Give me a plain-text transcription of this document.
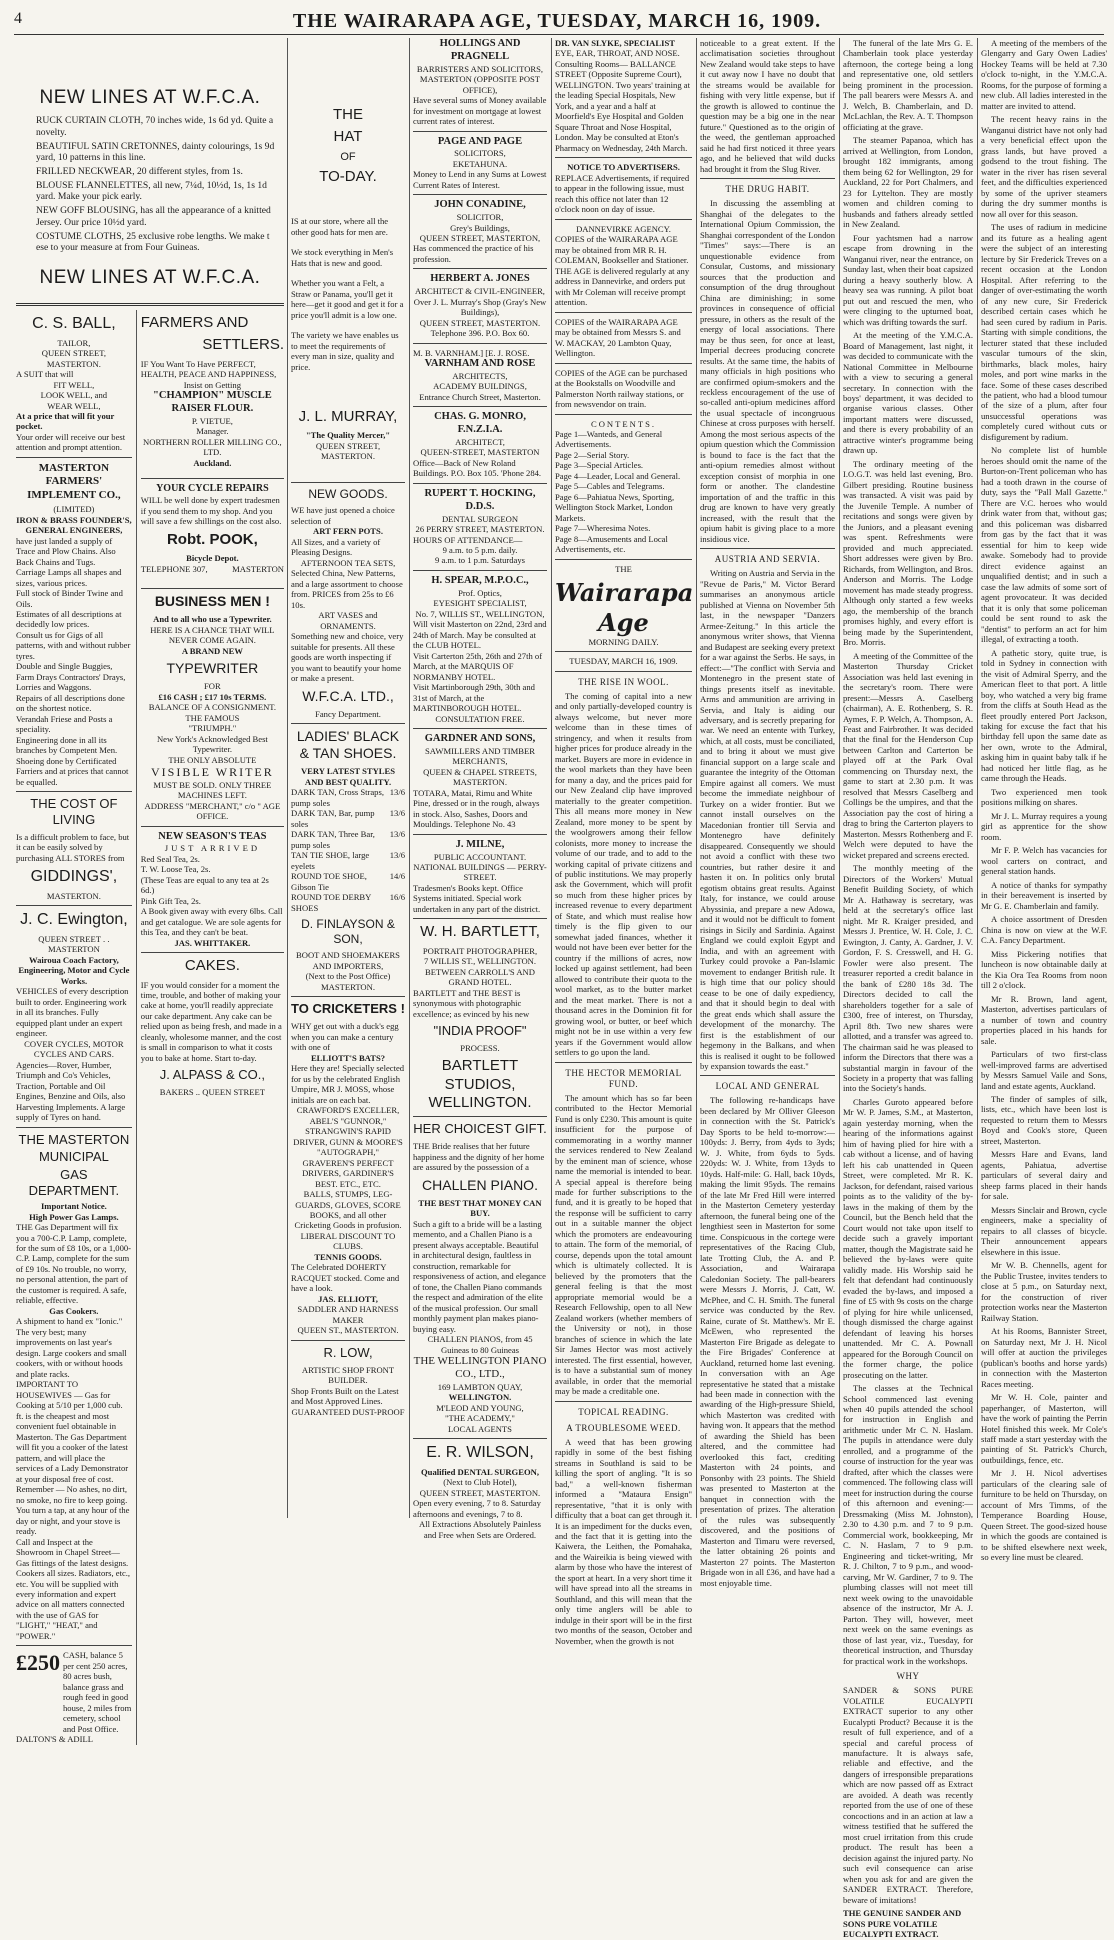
4	THE WAIRARAPA AGE, TUESDAY, MARCH 16, 1909.
NEW LINES AT W.F.C.A.
RUCK CURTAIN CLOTH, 70 inches wide, 1s 6d yd. Quite a novelty.
BEAUTIFUL SATIN CRETONNES, dainty colourings, 1s 9d yard, 10 patterns in this line.
FRILLED NECKWEAR, 20 different styles, from 1s.
BLOUSE FLANNELETTES, all new, 7¼d, 10½d, 1s, 1s 1d yard. Make your pick early.
NEW GOFF BLOUSING, has all the appearance of a knitted Jersey. Our price 10½d yard.
COSTUME CLOTHS, 25 exclusive robe lengths. We make t ese to your measure at from Four Guineas.
NEW LINES AT W.F.C.A.
C. S. BALL,
TAILOR,
QUEEN STREET, MASTERTON.
A SUIT that will
FIT WELL,
LOOK WELL, and
WEAR WELL,
At a price that will fit your pocket.
Your order will receive our best attention and prompt attention.
MASTERTON FARMERS' IMPLEMENT CO.,
(LIMITED)
IRON & BRASS FOUNDER'S, GENERAL ENGINEERS,
have just landed a supply of Trace and Plow Chains. Also Back Chains and Tugs.
Carriage Lamps all shapes and sizes, various prices.
Full stock of Binder Twine and Oils.
Estimates of all descriptions at decidedly low prices.
Consult us for Gigs of all patterns, with and without rubber tyres.
Double and Single Buggies, Farm Drays Contractors' Drays, Lorries and Waggons.
Repairs of all descriptions done on the shortest notice.
Verandah Friese and Posts a speciality.
Engineering done in all its branches by Competent Men.
Shoeing done by Certificated Farriers and at prices that cannot be equalled.
THE COST OF LIVING
Is a difficult problem to face, but it can be easily solved by purchasing ALL STORES from
GIDDINGS',
MASTERTON.
J. C. Ewington,
QUEEN STREET . . MASTERTON
Wairoua Coach Factory, Engineering, Motor and Cycle Works.
VEHICLES of every description built to order. Engineering work in all its branches. Fully equipped plant under an expert engineer.
COVER CYCLES, MOTOR CYCLES AND CARS.
Agencies—Rover, Humber, Triumph and Co's Vehicles, Traction, Portable and Oil Engines, Benzine and Oils, also Harvesting Implements. A large supply of Tyres on hand.
THE MASTERTON
MUNICIPAL
GAS DEPARTMENT.
Important Notice.
High Power Gas Lamps.
THE Gas Department will fix you a 700-C.P. Lamp, complete, for the sum of £8 10s, or a 1,000-C.P. Lamp, complete for the sum of £9 10s. No trouble, no worry, no personal attention, the part of the customer is required. A safe, reliable, effective.
Gas Cookers.
A shipment to hand ex "Ionic." The very best; many improvements on last year's design. Large cookers and small cookers, with or without hoods and plate racks.
IMPORTANT TO HOUSEWIVES — Gas for Cooking at 5/10 per 1,000 cub. ft. is the cheapest and most convenient fuel obtainable in Masterton. The Gas Department will fit you a cooker of the latest pattern, and will place the services of a Lady Demonstrator at your disposal free of cost.
Remember — No ashes, no dirt, no smoke, no fire to keep going. You turn a tap, at any hour of the day or night, and your stove is ready.
Call and Inspect at the Showroom in Chapel Street—Gas fittings of the latest designs. Cookers all sizes. Radiators, etc., etc. You will be supplied with every information and expert advice on all matters connected with the use of GAS for "LIGHT," "HEAT," and "POWER."
£250 CASH, balance 5 per cent 250 acres, 80 acres bush, balance grass and rough feed in good house, 2 miles from cemetery, school and Post Office.
DALTON'S & ADILL
FARMERS AND
SETTLERS.
IF You Want To Have PERFECT, HEALTH, PEACE AND HAPPINESS,
Insist on Getting
"CHAMPION" MUSCLE RAISER FLOUR.
P. VIETUE,
Manager.
NORTHERN ROLLER MILLING CO., LTD.
Auckland.
YOUR CYCLE REPAIRS
WILL be well done by expert tradesmen if you send them to my shop. And you will save a few shillings on the cost also.
Robt. POOK,
Bicycle Depot.
TELEPHONE 307,	MASTERTON
BUSINESS MEN !
And to all who use a Typewriter.
HERE IS A CHANCE THAT WILL NEVER COME AGAIN.
A BRAND NEW
TYPEWRITER
FOR
£16 CASH ; £17 10s TERMS.
BALANCE OF A CONSIGNMENT.
THE FAMOUS
"TRIUMPH."
New York's Acknowledged Best Typewriter.
THE ONLY ABSOLUTE
VISIBLE WRITER
MUST BE SOLD. ONLY THREE MACHINES LEFT.
ADDRESS "MERCHANT," c/o " AGE OFFICE.
NEW SEASON'S TEAS
JUST ARRIVED
Red Seal Tea, 2s.
T. W. Loose Tea, 2s.
(These Teas are equal to any tea at 2s 6d.)
Pink Gift Tea, 2s.
A Book given away with every 6lbs. Call and get catalogue. We are sole agents for this Tea, and they can't be beat.
JAS. WHITTAKER.
CAKES.
IF you would consider for a moment the time, trouble, and bother of making your cake at home, you'll readily appreciate our cake department. Any cake can be relied upon as being fresh, and made in a cleanly, wholesome manner, and the cost is small in comparison to what it costs you to bake at home. Start to-day.
J. ALPASS & CO.,
BAKERS .. QUEEN STREET
THE
HAT
OF
TO-DAY.
IS at our store, where all the other good hats for men are.
We stock everything in Men's Hats that is new and good.
Whether you want a Felt, a Straw or Panama, you'll get it here—get it good and get it for a price you'll admit is a low one.
The variety we have enables us to meet the requirements of every man in size, quality and price.
J. L. MURRAY,
"The Quality Mercer,"
QUEEN STREET, MASTERTON.
NEW GOODS.
WE have just opened a choice selection of
ART FERN POTS.
All Sizes, and a variety of Pleasing Designs.
AFTERNOON TEA SETS,
Selected China, New Patterns, and a large assortment to choose from. PRICES from 25s to £6 10s.
ART VASES and ORNAMENTS.
Something new and choice, very suitable for presents. All these goods are worth inspecting if you want to beautify your home or make a present.
W.F.C.A. LTD.,
Fancy Department.
LADIES' BLACK & TAN SHOES.
VERY LATEST STYLES AND BEST QUALITY.
DARK TAN, Cross Straps, pump soles
13/6
DARK TAN, Bar, pump soles
13/6
DARK TAN, Three Bar, pump soles
13/6
TAN TIE SHOE, large eyelets
13/6
ROUND TOE SHOE, Gibson Tie
14/6
ROUND TOE DERBY SHOES
16/6
D. FINLAYSON & SON,
BOOT AND SHOEMAKERS
AND IMPORTERS,
(Next to the Post Office) MASTERTON.
TO CRICKETERS !
WHY get out with a duck's egg when you can make a century with one of
ELLIOTT'S BATS?
Here they are! Specially selected for us by the celebrated English Umpire, MR J. MOSS, whose initials are on each bat.
CRAWFORD'S EXCELLER, ABEL'S "GUNNOR," STRANGWIN'S RAPID DRIVER, GUNN & MOORE'S "AUTOGRAPH," GRAVEREN'S PERFECT DRIVERS, GARDINER'S BEST. ETC., ETC.
BALLS, STUMPS, LEG-GUARDS, GLOVES, SCORE BOOKS, and all other Cricketing Goods in profusion.
LIBERAL DISCOUNT TO CLUBS.
TENNIS GOODS.
The Celebrated DOHERTY RACQUET stocked. Come and have a look.
JAS. ELLIOTT,
SADDLER AND HARNESS MAKER
QUEEN ST., MASTERTON.
R. LOW,
ARTISTIC SHOP FRONT BUILDER.
Shop Fronts Built on the Latest and Most Approved Lines.
GUARANTEED DUST-PROOF
HOLLINGS AND PRAGNELL
BARRISTERS AND SOLICITORS,
MASTERTON (OPPOSITE POST OFFICE),
Have several sums of Money available for investment on mortgage at lowest current rates of interest.
PAGE AND PAGE
SOLICITORS,
EKETAHUNA.
Money to Lend in any Sums at Lowest Current Rates of Interest.
JOHN CONADINE,
SOLICITOR,
Grey's Buildings,
QUEEN STREET, MASTERTON,
Has commenced the practice of his profession.
HERBERT A. JONES
ARCHITECT & CIVIL-ENGINEER,
Over J. L. Murray's Shop (Gray's New Buildings),
QUEEN STREET, MASTERTON.
Telephone 396. P.O. Box 60.
M. B. VARNHAM.] [E. J. ROSE.
VARNHAM AND ROSE
ARCHITECTS,
ACADEMY BUILDINGS,
Entrance Church Street, Masterton.
CHAS. G. MONRO, F.N.Z.I.A.
ARCHITECT,
QUEEN-STREET, MASTERTON
Office—Back of New Roland Buildings. P.O. Box 105. 'Phone 284.
RUPERT T. HOCKING, D.D.S.
DENTAL SURGEON
26 PERRY STREET, MASTERTON.
HOURS OF ATTENDANCE—
9 a.m. to 5 p.m. daily.
9 a.m. to 1 p.m. Saturdays
H. SPEAR, M.P.O.C.,
Prof. Optics,
EYESIGHT SPECIALIST,
No. 7, WILLIS ST., WELLINGTON,
Will visit Masterton on 22nd, 23rd and 24th of March. May be consulted at the CLUB HOTEL.
Visit Carterton 25th, 26th and 27th of March, at the MARQUIS OF NORMANBY HOTEL.
Visit Martinborough 29th, 30th and 31st of March, at the MARTINBOROUGH HOTEL.
CONSULTATION FREE.
GARDNER AND SONS,
SAWMILLERS AND TIMBER MERCHANTS,
QUEEN & CHAPEL STREETS, MASTERTON.
TOTARA, Matai, Rimu and White Pine, dressed or in the rough, always in stock. Also, Sashes, Doors and Mouldings. Telephone No. 43
J. MILNE,
PUBLIC ACCOUNTANT.
NATIONAL BUILDINGS — PERRY-STREET.
Tradesmen's Books kept. Office Systems initiated. Special work undertaken in any part of the district.
W. H. BARTLETT,
PORTRAIT PHOTOGRAPHER,
7 WILLIS ST., WELLINGTON.
BETWEEN CARROLL'S AND GRAND HOTEL.
BARTLETT and THE BEST is synonymous with photographic excellence; as evinced by his new
"INDIA PROOF"
PROCESS.
BARTLETT STUDIOS, WELLINGTON.
HER CHOICEST GIFT.
THE Bride realises that her future happiness and the dignity of her home are assured by the possession of a
CHALLEN PIANO.
THE BEST THAT MONEY CAN BUY.
Such a gift to a bride will be a lasting memento, and a Challen Piano is a present always acceptable. Beautiful in architectural design, faultless in construction, remarkable for responsiveness of action, and elegance of tone, the Challen Piano commands the respect and admiration of the elite of the musical profession. Our small monthly payment plan makes piano-buying easy.
CHALLEN PIANOS, from 45 Guineas to 80 Guineas
THE WELLINGTON PIANO CO., LTD.,
169 LAMBTON QUAY,
WELLINGTON.
M'LEOD AND YOUNG,
"THE ACADEMY,"
LOCAL AGENTS
E. R. WILSON,
Qualified DENTAL SURGEON,
(Next to Club Hotel),
QUEEN STREET, MASTERTON.
Open every evening, 7 to 8. Saturday afternoons and evenings, 7 to 8.
All Extractions Absolutely Painless and Free when Sets are Ordered.
DR. VAN SLYKE, SPECIALIST
EYE, EAR, THROAT, AND NOSE. Consulting Rooms— BALLANCE STREET (Opposite Supreme Court), WELLINGTON. Two years' training at the leading Special Hospitals, New York, and a year and a half at Moorfield's Eye Hospital and Golden Square Throat and Nose Hospital, London. May be consulted at Eton's Pharmacy on Wednesday, 24th March.
NOTICE TO ADVERTISERS.
REPLACE Advertisements, if required to appear in the following issue, must reach this office not later than 12 o'clock noon on day of issue.
DANNEVIRKE AGENCY.
COPIES of the WAIRARAPA AGE may be obtained from MR R. H. COLEMAN, Bookseller and Stationer. THE AGE is delivered regularly at any address in Dannevirke, and orders put with Mr Coleman will receive prompt attention.
COPIES of the WAIRARAPA AGE may be obtained from Messrs S. and W. MACKAY, 20 Lambton Quay, Wellington.
COPIES of the AGE can be purchased at the Bookstalls on Woodville and Palmerston North railway stations, or from newsvendor on train.
CONTENTS.
Page 1—Wanteds, and General Advertisements.
Page 2—Serial Story.
Page 3—Special Articles.
Page 4—Leader, Local and General.
Page 5—Cables and Telegrams.
Page 6—Pahiatua News, Sporting, Wellington Stock Market, London Markets.
Page 7—Wheresima Notes.
Page 8—Amusements and Local Advertisements, etc.
THE
Wairarapa Age
MORNING DAILY.
TUESDAY, MARCH 16, 1909.
THE RISE IN WOOL.

The coming of capital into a new and only partially-developed country is always welcome, but never more welcome than in these times of stringency, and when it results from higher prices for produce already in the market. Buyers are more in evidence in the wool markets than they have been for many a day, and the prices paid for our New Zealand clip have improved materially to the greater competition. This all means more money in New Zealand, more money to be spent by the woolgrowers among their fellow colonists, more money to increase the volume of our trade, and to add to the working capital of private citizens and of public institutions. We may properly ask the Government, which will profit so much from these higher prices by increased revenue to every department of State, and which must realise how timely is the flip given to our somewhat jaded finances, whether it would not have been ever better for the country if the millions of acres, now locked up against settlement, had been allowed to contribute their quota to the wool market, as to the butter market and the meat market. There is not a thousand acres in the Dominion fit for growing wool, or butter, or beef which might not be in use within a very few years if the Government would allow settlers to go upon the land.

THE HECTOR MEMORIAL FUND.

The amount which has so far been contributed to the Hector Memorial Fund is only £230. This amount is quite insufficient for the purpose of commemorating in a worthy manner the services rendered to New Zealand by the eminent man of science, whose name the memorial is intended to bear. A special appeal is therefore being made for further subscriptions to the fund, and it is greatly to be hoped that the response will be sufficient to carry out in a suitable manner the object which the promoters are endeavouring to attain. The form of the memorial, of course, depends upon the total amount which is ultimately collected. It is believed by the promoters that the general feeling is that the most appropriate memorial would be a Research Fellowship, open to all New Zealand workers (whether members of the University or not), in those branches of science in which the late Sir James Hector was most actively interested. The first essential, however, is to have a substantial sum of money available, in order that the memorial may be made a creditable one.

TOPICAL READING.
A TROUBLESOME WEED.

A weed that has been growing rapidly in some of the best fishing streams in Southland is said to be killing the sport of angling. "It is so bad," a well-known fisherman informed a "Mataura Ensign" representative, "that it is only with difficulty that a boat can get through it. It is an impediment for the ducks even, and the fact that it is getting into the Kaiwera, the Leithen, the Pomahaka, and the Waireikia is being viewed with alarm by those who have the interest of the sport at heart. In a very short time it will have spread into all the streams in Southland, and this will mean that the only time anglers will be able to indulge in their sport will be in the first two months of the season, October and November, when the growth is not

noticeable to a great extent. If the acclimatisation societies throughout New Zealand would take steps to have it cut away now I have no doubt that the streams would be available for fishing with very little expense, but if the growth is allowed to continue the question may be a big one in the near future." Questioned as to the origin of the weed, the gentleman approached said he had first noticed it three years ago, and he believed that wild ducks had brought it from the Slug River.

THE DRUG HABIT.

In discussing the assembling at Shanghai of the delegates to the International Opium Commission, the Shanghai correspondent of the London "Times" says:—There is an unquestionable evidence from Consular, Customs, and missionary sources that the production and consumption of the drug throughout China are diminishing; in some provinces in consequence of official pressure, in others as the result of the energy of local associations. There may be thus seen, for once at least, Imperial decrees producing concrete results. At the same time, the habits of many officials in high positions who are confirmed opium-smokers and the reckless encouragement of the use of so-called anti-opium medicines afford the usual spectacle of incongruous Chinese at cross purposes with herself. Among the most serious aspects of the opium question which the Commission is bound to face is the fact that the anti-opium remedies almost without exception consist of morphia in one form or another. The clandestine importation of and the traffic in this drug are known to have very greatly increased, with the result that the opium habit is giving place to a more insidious vice.

AUSTRIA AND SERVIA.

Writing on Austria and Servia in the "Revue de Paris," M. Victor Berard summarises an anonymous article published at Vienna on November 5th last, in the newspaper "Danzers Armee-Zeitung." In this article the anonymous writer shows, that Vienna and Budapest are seeking every pretext for a war against the Serbs. He says, in effect:—"The conflict with Servia and Montenegro in the present state of things presents itself as inevitable. Arms and ammunition are arriving in Servia, and Italy is aiding our adversary, and is secretly preparing for war. We need an entente with Turkey, which, at all costs, must be conciliated, and to bring it about we must give financial support on a large scale and guarantee the integrity of the Ottoman Empire against all comers. We must become the immediate neighbour of Turkey on a wider frontier. But we cannot install ourselves on the Macedonian frontier till Servia and Montenegro have definitely disappeared. Consequently we should not avoid a conflict with these two countries, but rather desire it and hasten it on. In politics only brutal egotism obtains great results. Against Italy, for instance, we could arouse Abyssinia, and prepare a new Adowa, and it would not be difficult to foment risings in Sicily and Sardinia. Against England we could exploit Egypt and India, and with an agreement with Turkey could provoke a Pan-Islamic movement to endanger British rule. It is high time that our policy should cease to be one of daily expediency, and that it should begin to deal with the great ends which shall assure the development of the monarchy. The first is the establishment of our hegemony in the Balkans, and when this is realised it ought to be followed by expansion towards the east."

LOCAL AND GENERAL

The following re-handicaps have been declared by Mr Olliver Gleeson in connection with the St. Patrick's Day Sports to be held to-morrow:—100yds: J. Berry, from 4yds to 3yds; W. J. White, from 6yds to 5yds. 220yds: W. J. White, from 13yds to 10yds. Half-mile: G. Hall, back 10yds, making the limit 95yds. The remains of the late Mr Fred Hill were interred in the Masterton Cemetery yesterday afternoon, the funeral being one of the lengthiest seen in Masterton for some time. Conspicuous in the cortege were representatives of the Racing Club, late Trotting Club, the A. and P. Association, and Wairarapa Caledonian Society. The pall-bearers were Messrs J. Morris, J. Catt, W. McPhee, and C. H. Smith. The funeral service was conducted by the Rev. Raine, curate of St. Matthew's. Mr E. McEwen, who represented the Masterton Fire Brigade as delegate to the Fire Brigades' Conference at Auckland, returned home last evening. In conversation with an Age representative he stated that a mistake had been made in connection with the awarding of the High-pressure Shield, which Masterton was credited with having won. It appears that the method of awarding the Shield has been altered, and the committee had overlooked this fact, crediting Masterton with 24 points, and Ponsonby with 23 points. The Shield was presented to Masterton at the banquet in connection with the presentation of prizes. The alteration of the rules was subsequently discovered, and the positions of Masterton and Timaru were reversed, the latter obtaining 26 points and Masterton 27 points. The Masterton Brigade won in all £36, and have had a most enjoyable time.

The funeral of the late Mrs G. E. Chamberlain took place yesterday afternoon, the cortege being a long and representative one, old settlers being prominent in the procession. The pall bearers were Messrs A. and J. Welch, B. Chamberlain, and D. McLachlan, the Rev. A. T. Thompson officiating at the grave.

The steamer Papanoa, which has arrived at Wellington, from London, brought 182 immigrants, among them being 62 for Wellington, 29 for Auckland, 22 for Port Chalmers, and 23 for Lyttelton. They are mostly women and children coming to husbands and fathers already settled in New Zealand.

Four yachtsmen had a narrow escape from drowning in the Wanganui river, near the entrance, on Sunday last, when their boat capsized during a heavy southerly blow. A heavy sea was running. A pilot boat put out and rescued the men, who were clinging to the upturned boat, which was drifting towards the surf.

At the meeting of the Y.M.C.A. Board of Management, last night, it was decided to communicate with the National Committee in Melbourne with a view to securing a general secretary. In connection with the boys' department, it was decided to organise various classes. Other important matters were discussed, and there is every probability of an attractive winter's programme being drawn up.

The ordinary meeting of the I.O.G.T. was held last evening, Bro. Gilbert presiding. Routine business was transacted. A visit was paid by the Juvenile Temple. A number of recitations and songs were given by the Juniors, and a pleasant evening was spent. Refreshments were provided and much appreciated. Short addresses were given by Bro. Richards, from Wellington, and Bros. Anderson and Morris. The Lodge movement has made steady progress. Although only started a few weeks ago, the membership of the branch promises highly, and every effort is being made by the Superintendent, Bro. Morris.

A meeting of the Committee of the Masterton Thursday Cricket Association was held last evening in the secretary's room. There were present:—Messrs A. Caselberg (chairman), A. E. Rothenberg, S. R. Aymes, F. P. Welch, A. Thompson, A. Feast and Fairbrother. It was decided that the final for the Henderson Cup between Carlton and Carterton be played off at the Park Oval commencing on Thursday next, the game to start at 2.30 p.m. It was resolved that Messrs Caselberg and Collings be the umpires, and that the Association pay the cost of hiring a drag to bring the Carterton players to Masterton. Messrs Rothenberg and F. Welch were deputed to have the wicket prepared and screens erected.

The monthly meeting of the Directors of the Workers' Mutual Benefit Building Society, of which Mr A. Hathaway is secretary, was held at the secretary's office last night. Mr R. Kraiger presided, and Messrs J. Prentice, W. H. Cole, J. C. Ewington, J. Canty, A. Gardner, J. V. Gordon, F. S. Cresswell, and H. G. Fowler were also present. The treasurer reported a credit balance in the bank of £280 18s 3d. The Directors decided to call the shareholders together for a sale of £300, free of interest, on Thursday, April 8th. Two new shares were allotted, and a transfer was agreed to. The chairman said he was pleased to inform the Directors that there was a substantial margin in favour of the Society in a property that was falling into the Society's hands.

Charles Guroto appeared before Mr W. P. James, S.M., at Masterton, again yesterday morning, when the hearing of the informations against him of having plied for hire with a cab without a license, and of having left his cab unattended in Queen Street, were completed. Mr R. K. Jackson, for defendant, raised various points as to the validity of the by-laws in the making of them by the Council, but the Bench held that the Court would not take upon itself to decide such a gravely important matter, though the Magistrate said he believed the by-laws were quite validly made. His Worship said he felt that defendant had continuously evaded the by-laws, and imposed a fine of £5 with 9s costs on the charge of plying for hire while unlicensed, though dismissed the charge against defendant of leaving his horses unattended. Mr C. A. Pownall appeared for the Borough Council on the former charge, the police prosecuting on the latter.

The classes at the Technical School commenced last evening when 40 pupils attended the school for instruction in English and arithmetic under Mr C. N. Haslam. The pupils in attendance were duly enrolled, and a programme of the course of instruction for the year was drafted, after which the classes were commenced. The following class will meet for instruction during the course of this afternoon and evening:—Dressmaking (Miss M. Johnston), 2.30 to 4.30 p.m. and 7 to 9 p.m. Commercial work, bookkeeping, Mr C. N. Haslam, 7 to 9 p.m. Engineering and ticket-writing, Mr R. J. Chilton, 7 to 9 p.m., and wood-carving, Mr W. Gardiner, 7 to 9. The plumbing classes will not meet till next week owing to the unavoidable absence of the instructor, Mr A. J. Parton. They will, however, meet next week on the same evenings as those of last year, viz., Tuesday, for theoretical instruction, and Thursday for practical work in the workshops.

WHY

SANDER & SONS PURE VOLATILE EUCALYPTI EXTRACT superior to any other Eucalypti Product? Because it is the result of full experience, and of a special and careful process of manufacture. It is always safe, reliable and effective, and the dangers of irresponsible preparations which are now passed off as Extract are avoided. A death was recently reported from the use of one of these concoctions and in an action at law a witness testified that he suffered the most cruel irritation from this crude product. The result has been a decision against the injured party. No such evil consequence can arise when you ask for and are given the SANDER EXTRACT. Therefore, beware of imitations!

THE GENUINE SANDER AND SONS PURE VOLATILE EUCALYPTI EXTRACT.

A meeting of the members of the Glengarry and Gary Owen Ladies' Hockey Teams will be held at 7.30 o'clock to-night, in the Y.M.C.A. Rooms, for the purpose of forming a new club. All ladies interested in the matter are invited to attend.

The recent heavy rains in the Wanganui district have not only had a very beneficial effect upon the grass lands, but have proved a godsend to the trout fishing. The water in the river has risen several feet, and the difficulties experienced by some of the upriver steamers during the dry summer months is now all over for this season.

The uses of radium in medicine and its future as a healing agent were the subject of an interesting lecture by Sir Frederick Treves on a recent occasion at the London Hospital. After referring to the danger of over-estimating the worth of any new cure, Sir Frederick described certain cases which he had seen cured by radium in Paris. Starting with simple conditions, the lecturer stated that these included vascular tumours of the skin, birthmarks, black moles, hairy moles, and port wine marks in the face. Some of these cases described the patient, who had a blood tumour of the size of a plum, after four unsuccessful operations was completely cured without cuts or disfigurement by radium.

No complete list of humble heroes should omit the name of the Burton-on-Trent policeman who has had a tooth drawn in the course of duty, says the "Pall Mall Gazette." There are V.C. heroes who would drink water from that, without gas; and this policeman was disbarred from gas by the fact that it was essential for him to keep wide awake. Somebody had to provide direct evidence against an unqualified dentist; and in such a case the law admits of some sort of agent provocateur. It was decided that it is only that some policeman could be sent round to ask the "dentist" to perform an act for him illegal, of extracting a tooth.

A pathetic story, quite true, is told in Sydney in connection with the visit of Admiral Sperry, and the American fleet to that port. A little boy, who watched a very big frame from the cliffs at South Head as the fleet proudly entered Port Jackson, taking for excuse the fact that his birthday fell upon the same date as her own, wrote to the Admiral, asking him in quaint baby talk if he had noticed her little flag, as he came through the Heads.

Two experienced men took positions milking on shares.

Mr J. L. Murray requires a young girl as apprentice for the show room.

Mr F. P. Welch has vacancies for wool carters on contract, and general station hands.

A notice of thanks for sympathy in their bereavement is inserted by Mr G. E. Chamberlain and family.

A choice assortment of Dresden China is now on view at the W.F. C.A. Fancy Department.

Miss Pickering notifies that luncheon is now obtainable daily at the Kia Ora Tea Rooms from noon till 2 o'clock.

Mr R. Brown, land agent, Masterton, advertises particulars of a number of town and country properties placed in his hands for sale.

Particulars of two first-class well-improved farms are advertised by Messrs Samuel Vaile and Sons, land and estate agents, Auckland.

The finder of samples of silk, lists, etc., which have been lost is requested to return them to Messrs Boyd and Cook's store, Queen street, Masterton.

Messrs Hare and Evans, land agents, Pahiatua, advertise particulars of several dairy and sheep farms placed in their hands for sale.

Messrs Sinclair and Brown, cycle engineers, make a speciality of repairs to all classes of bicycle. Their announcement appears elsewhere in this issue.

Mr W. B. Chennells, agent for the Public Trustee, invites tenders to close at 5 p.m., on Saturday next, for the construction of river protection works near the Masterton Railway Station.

At his Rooms, Bannister Street, on Saturday next, Mr J. H. Nicol will offer at auction the privileges (publican's booths and horse yards) in connection with the Masterton Races meeting.

Mr W. H. Cole, painter and paperhanger, of Masterton, will have the work of painting the Perrin Hotel finished this week. Mr Cole's staff made a start yesterday with the painting of St. Patrick's Church, outbuildings, fence, etc.

Mr J. H. Nicol advertises particulars of the clearing sale of furniture to be held on Thursday, on account of Mrs Timms, of the Temperance Boarding House, Queen Street. The good-sized house in which the goods are contained is to be shifted elsewhere next week, so every line must be cleared.
